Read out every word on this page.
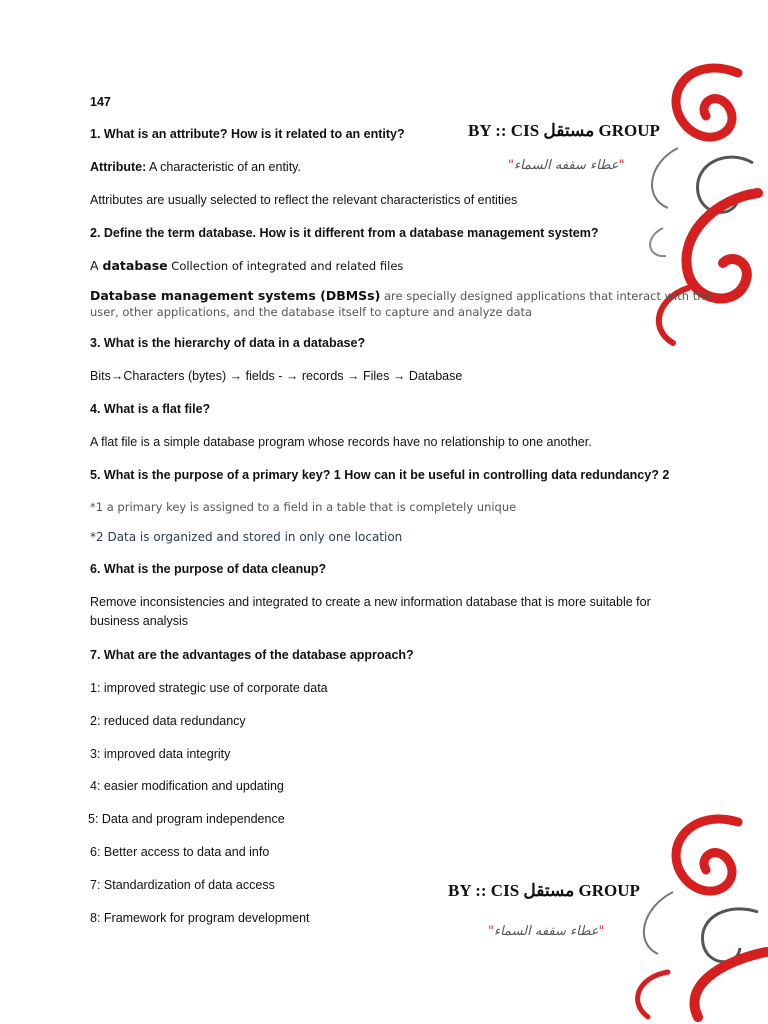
147
BY :: CIS مستقل GROUP
"عطاء سقفه السماء"
1. What is an attribute? How is it related to an entity?
Attribute: A characteristic of an entity.
Attributes are usually selected to reflect the relevant characteristics of entities
2. Define the term database. How is it different from a database management system?
A database Collection of integrated and related files
Database management systems (DBMSs) are specially designed applications that interact with the
user, other applications, and the database itself to capture and analyze data
3. What is the hierarchy of data in a database?
Bits→Characters (bytes) → fields - → records → Files → Database
4. What is a flat file?
A flat file is a simple database program whose records have no relationship to one another.
5. What is the purpose of a primary key? 1 How can it be useful in controlling data redundancy? 2
*1 a primary key is assigned to a field in a table that is completely unique
*2 Data is organized and stored in only one location
6. What is the purpose of data cleanup?
Remove inconsistencies and integrated to create a new information database that is more suitable for
business analysis
7. What are the advantages of the database approach?
1: improved strategic use of corporate data
2: reduced data redundancy
3: improved data integrity
4: easier modification and updating
5: Data and program independence
6: Better access to data and info
7: Standardization of data access
8: Framework for program development
BY :: CIS مستقل GROUP
"عطاء سقفه السماء"
